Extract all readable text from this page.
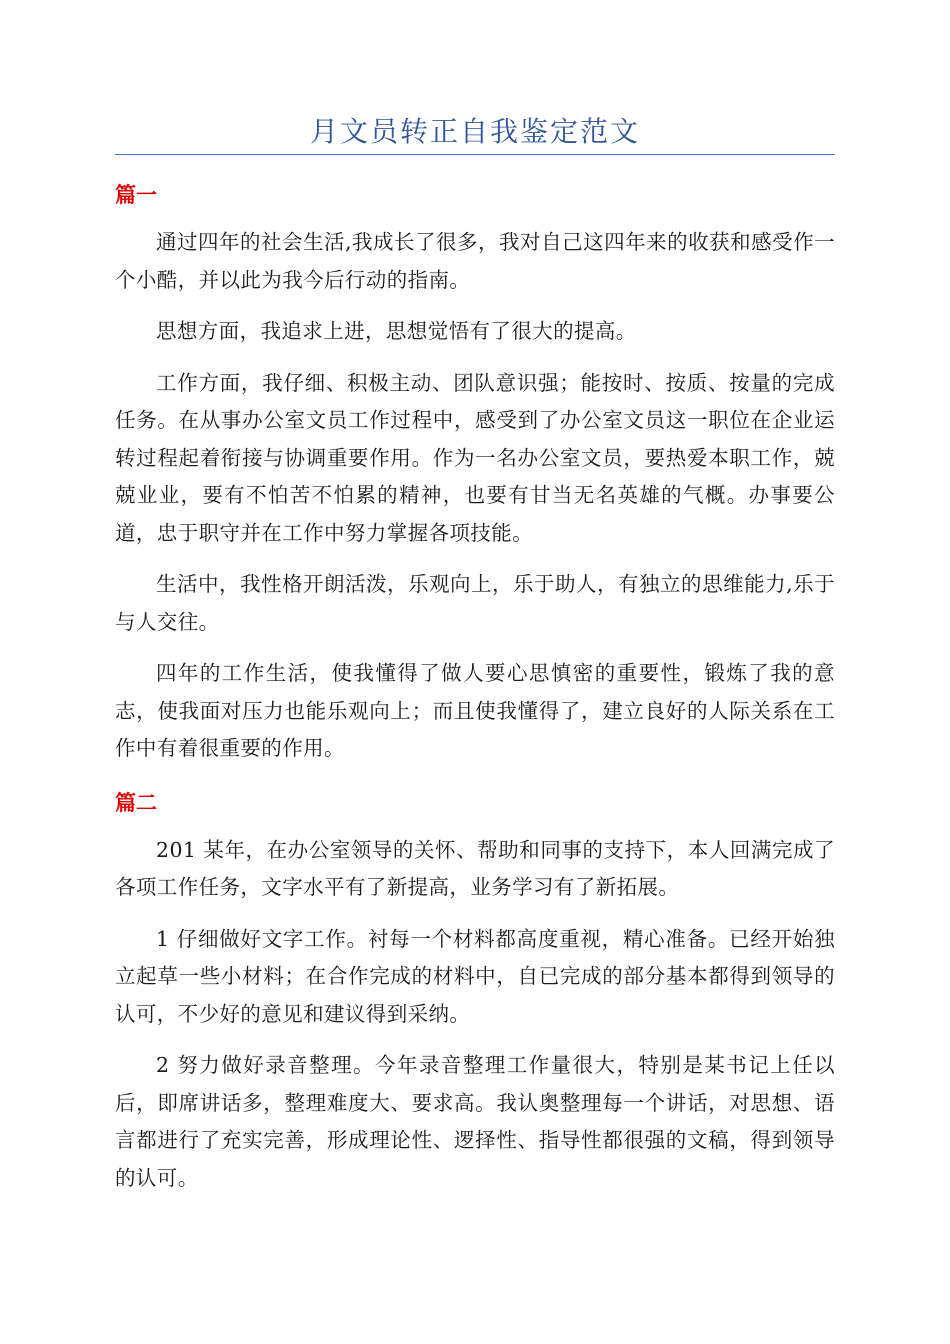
月文员转正自我鉴定范文
篇一

通过四年的社会生活,我成长了很多，我对自己这四年来的收获和感受作一个小酷，并以此为我今后行动的指南。

思想方面，我追求上进，思想觉悟有了很大的提高。

工作方面，我仔细、积极主动、团队意识强；能按时、按质、按量的完成任务。在从事办公室文员工作过程中，感受到了办公室文员这一职位在企业运转过程起着衔接与协调重要作用。作为一名办公室文员，要热爱本职工作，兢兢业业，要有不怕苦不怕累的精神，也要有甘当无名英雄的气概。办事要公道，忠于职守并在工作中努力掌握各项技能。

生活中，我性格开朗活泼，乐观向上，乐于助人，有独立的思维能力,乐于与人交往。

四年的工作生活，使我懂得了做人要心思慎密的重要性，锻炼了我的意志，使我面对压力也能乐观向上；而且使我懂得了，建立良好的人际关系在工作中有着很重要的作用。

篇二

201 某年，在办公室领导的关怀、帮助和同事的支持下，本人回满完成了各项工作任务，文字水平有了新提高，业务学习有了新拓展。

1 仔细做好文字工作。衬每一个材料都高度重视，精心准备。已经开始独立起草一些小材料；在合作完成的材料中，自已完成的部分基本都得到领导的认可，不少好的意见和建议得到采纳。

2 努力做好录音整理。今年录音整理工作量很大，特别是某书记上任以后，即席讲话多，整理难度大、要求高。我认奥整理每一个讲话，对思想、语言都进行了充实完善，形成理论性、逻择性、指导性都很强的文稿，得到领导的认可。
